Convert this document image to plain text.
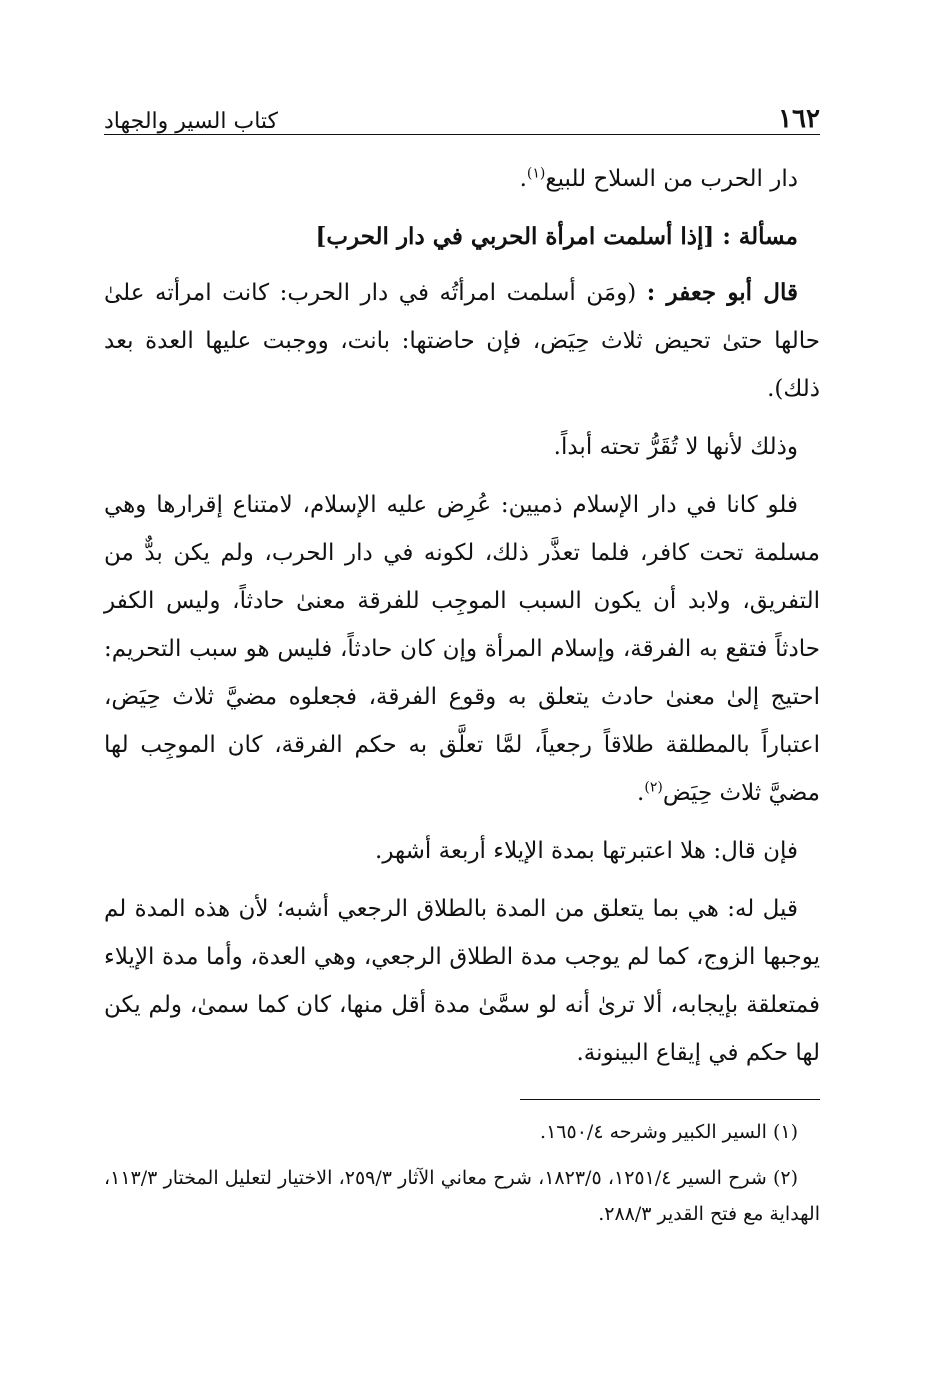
١٦٢
كتاب السير والجهاد

دار الحرب من السلاح للبيع$^{(١)}$.

مسألة : [إذا أسلمت امرأة الحربي في دار الحرب]

قال أبو جعفر : (ومَن أسلمت امرأتُه في دار الحرب: كانت امرأته علىٰ حالها حتىٰ تحيض ثلاث حِيَض، فإن حاضتها: بانت، ووجبت عليها العدة بعد ذلك).

وذلك لأنها لا تُقَرُّ تحته أبداً.

فلو كانا في دار الإسلام ذميين: عُرِض عليه الإسلام، لامتناع إقرارها وهي مسلمة تحت كافر، فلما تعذَّر ذلك، لكونه في دار الحرب، ولم يكن بدٌّ من التفريق، ولابد أن يكون السبب الموجِب للفرقة معنىٰ حادثاً، وليس الكفر حادثاً فتقع به الفرقة، وإسلام المرأة وإن كان حادثاً، فليس هو سبب التحريم: احتيج إلىٰ معنىٰ حادث يتعلق به وقوع الفرقة، فجعلوه مضيَّ ثلاث حِيَض، اعتباراً بالمطلقة طلاقاً رجعياً، لمَّا تعلَّق به حكم الفرقة، كان الموجِب لها مضيَّ ثلاث حِيَض$^{(٢)}$.

فإن قال: هلا اعتبرتها بمدة الإيلاء أربعة أشهر.

قيل له: هي بما يتعلق من المدة بالطلاق الرجعي أشبه؛ لأن هذه المدة لم يوجبها الزوج، كما لم يوجب مدة الطلاق الرجعي، وهي العدة، وأما مدة الإيلاء فمتعلقة بإيجابه، ألا ترىٰ أنه لو سمَّىٰ مدة أقل منها، كان كما سمىٰ، ولم يكن لها حكم في إيقاع البينونة.

(١) السير الكبير وشرحه ١٦٥٠/٤.

(٢) شرح السير ١٢٥١/٤، ١٨٢٣/٥، شرح معاني الآثار ٢٥٩/٣، الاختيار لتعليل المختار ١١٣/٣، الهداية مع فتح القدير ٢٨٨/٣.
